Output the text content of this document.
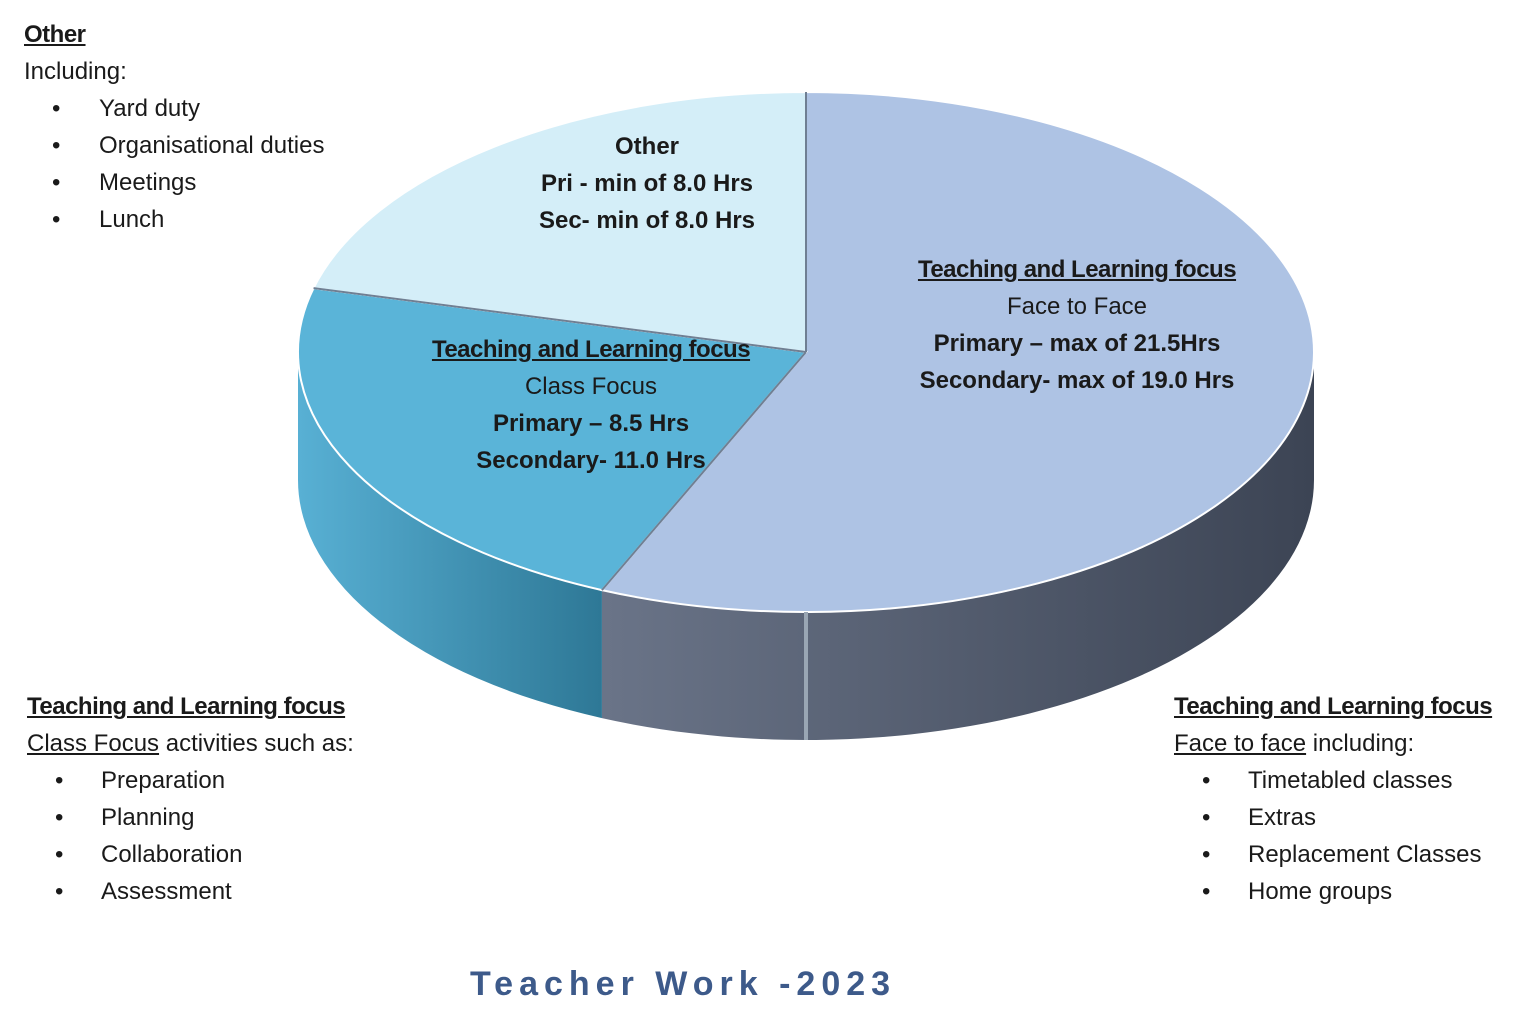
Other
Pri - min of 8.0 Hrs
Sec- min of 8.0 Hrs
Teaching and Learning focus
Class Focus
Primary – 8.5 Hrs
Secondary- 11.0 Hrs
Teaching and Learning focus
Face to Face
Primary – max of 21.5Hrs
Secondary- max of 19.0 Hrs
Other
Including:
• Yard duty
• Organisational duties
• Meetings
• Lunch
Teaching and Learning focus
Class Focus activities such as:
• Preparation
• Planning
• Collaboration
• Assessment
Teaching and Learning focus
Face to face including:
• Timetabled classes
• Extras
• Replacement Classes
• Home groups
Teacher Work -2023
